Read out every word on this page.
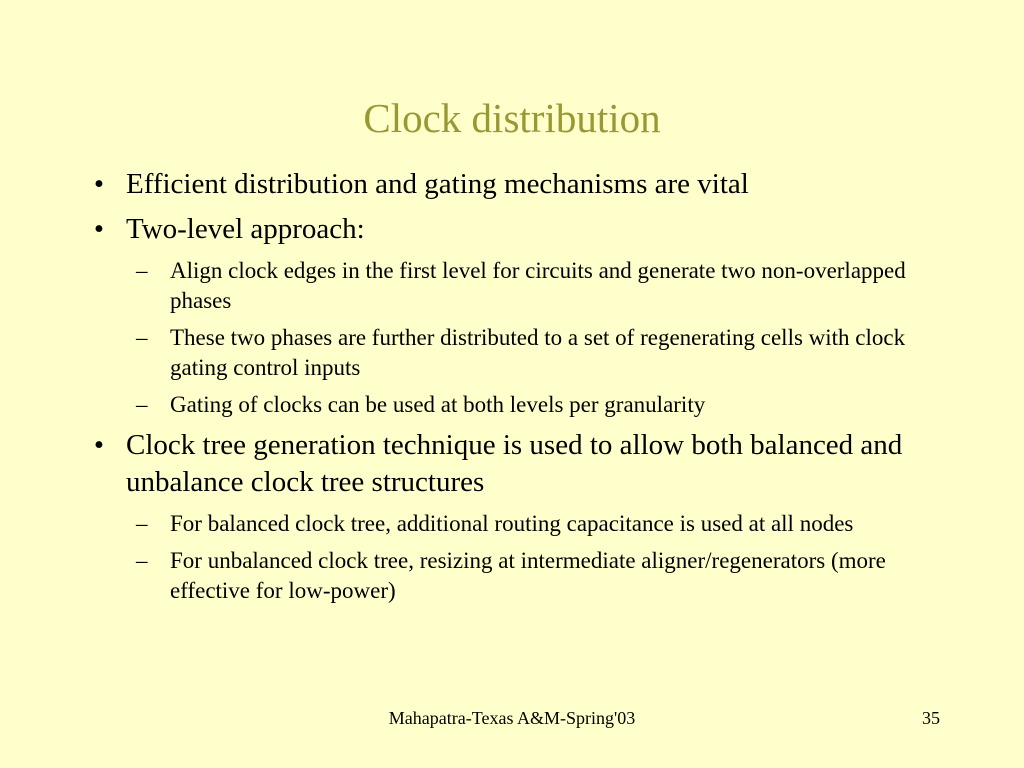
Clock distribution
• Efficient distribution and gating mechanisms are vital
• Two-level approach:
– Align clock edges in the first level for circuits and generate two non-overlapped phases
– These two phases are further distributed to a set of regenerating cells with clock gating control inputs
– Gating of clocks can be used at both levels per granularity
• Clock tree generation technique is used to allow both balanced and unbalance clock tree structures
– For balanced clock tree, additional routing capacitance is used at all nodes
– For unbalanced clock tree, resizing at intermediate aligner/regenerators (more effective for low-power)
Mahapatra-Texas A&M-Spring'03	35
